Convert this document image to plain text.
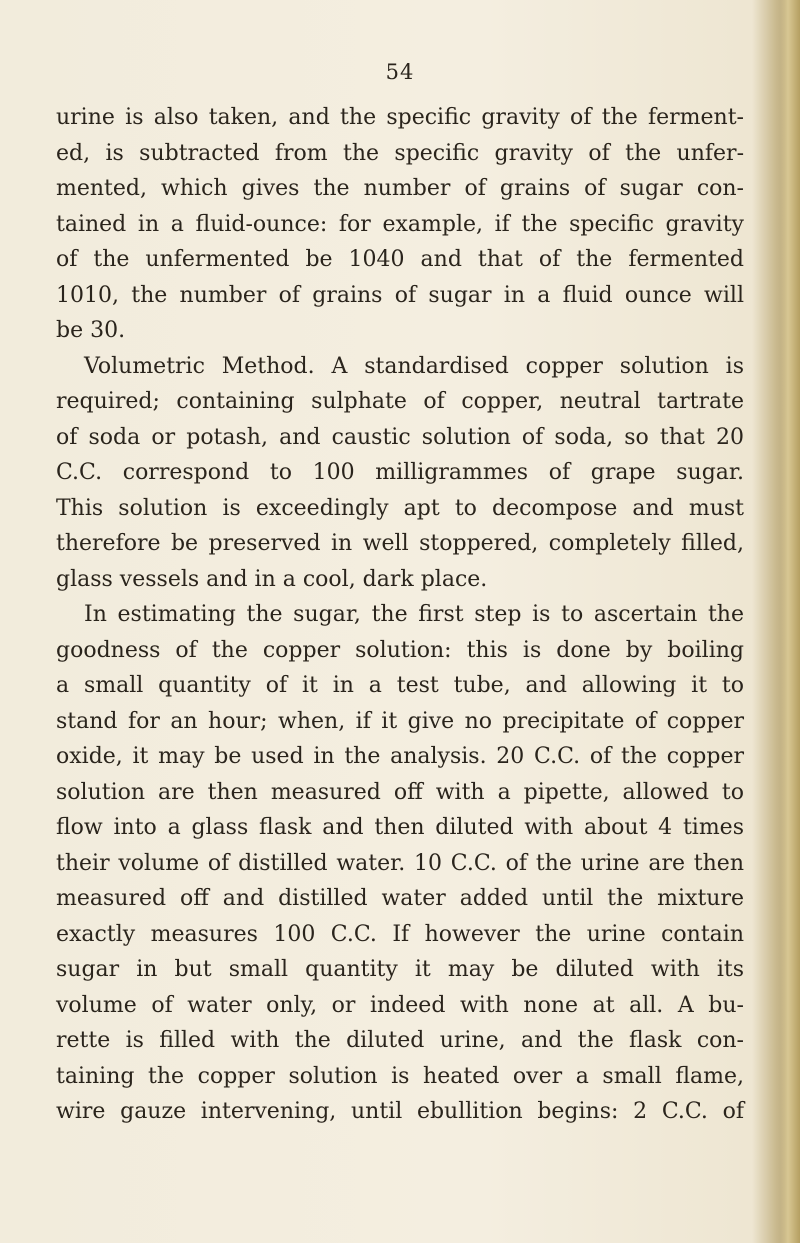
54
urine is also taken, and the specific gravity of the ferment-
ed, is subtracted from the specific gravity of the unfer-
mented, which gives the number of grains of sugar con-
tained in a fluid-ounce: for example, if the specific gravity
of the unfermented be 1040 and that of the fermented
1010, the number of grains of sugar in a fluid ounce will
be 30.
Volumetric Method. A standardised copper solution is
required; containing sulphate of copper, neutral tartrate
of soda or potash, and caustic solution of soda, so that 20
C.C. correspond to 100 milligrammes of grape sugar.
This solution is exceedingly apt to decompose and must
therefore be preserved in well stoppered, completely filled,
glass vessels and in a cool, dark place.
In estimating the sugar, the first step is to ascertain the
goodness of the copper solution: this is done by boiling
a small quantity of it in a test tube, and allowing it to
stand for an hour; when, if it give no precipitate of copper
oxide, it may be used in the analysis. 20 C.C. of the copper
solution are then measured off with a pipette, allowed to
flow into a glass flask and then diluted with about 4 times
their volume of distilled water. 10 C.C. of the urine are then
measured off and distilled water added until the mixture
exactly measures 100 C.C. If however the urine contain
sugar in but small quantity it may be diluted with its
volume of water only, or indeed with none at all. A bu-
rette is filled with the diluted urine, and the flask con-
taining the copper solution is heated over a small flame,
wire gauze intervening, until ebullition begins: 2 C.C. of
